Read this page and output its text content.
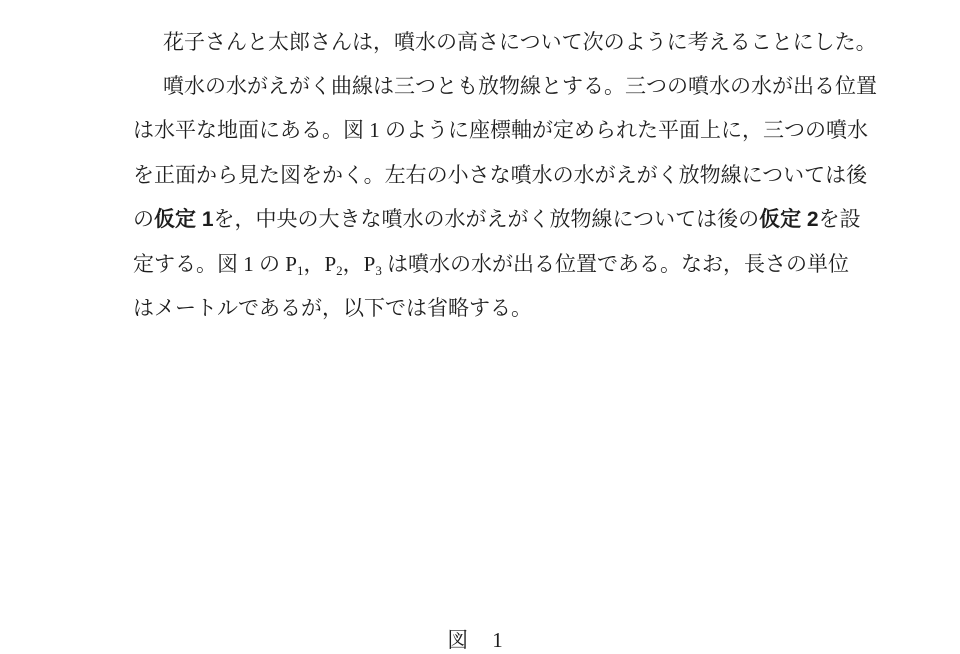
花子さんと太郎さんは，噴水の高さについて次のように考えることにした。

噴水の水がえがく曲線は三つとも放物線とする。三つの噴水の水が出る位置

は水平な地面にある。図 1 のように座標軸が定められた平面上に，三つの噴水

を正面から見た図をかく。左右の小さな噴水の水がえがく放物線については後

の仮定 1を，中央の大きな噴水の水がえがく放物線については後の仮定 2を設

定する。図 1 の $P_1$，$P_2$，$P_3$ は噴水の水が出る位置である。なお，長さの単位

はメートルであるが，以下では省略する。

図 1
